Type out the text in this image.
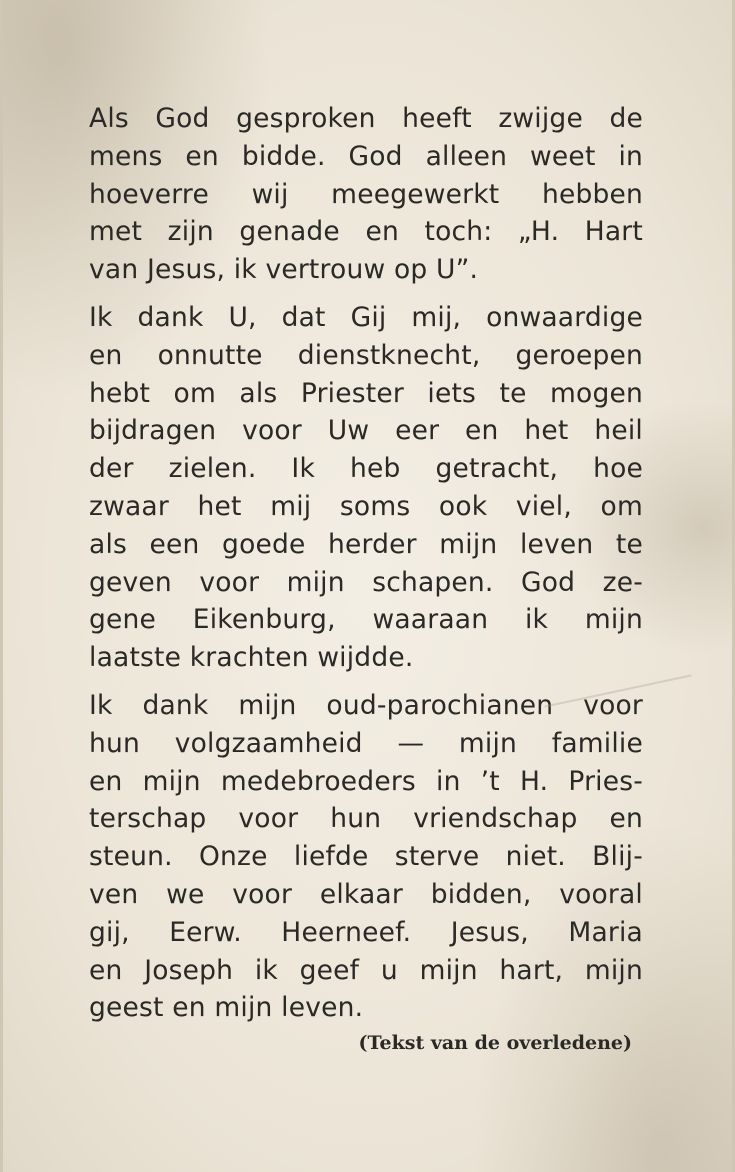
Als God gesproken heeft zwijge de
mens en bidde. God alleen weet in
hoeverre wij meegewerkt hebben
met zijn genade en toch: „H. Hart
van Jesus, ik vertrouw op U”.
Ik dank U, dat Gij mij, onwaardige
en onnutte dienstknecht, geroepen
hebt om als Priester iets te mogen
bijdragen voor Uw eer en het heil
der zielen. Ik heb getracht, hoe
zwaar het mij soms ook viel, om
als een goede herder mijn leven te
geven voor mijn schapen. God ze-
gene Eikenburg, waaraan ik mijn
laatste krachten wijdde.
Ik dank mijn oud-parochianen voor
hun volgzaamheid — mijn familie
en mijn medebroeders in ’t H. Pries-
terschap voor hun vriendschap en
steun. Onze liefde sterve niet. Blij-
ven we voor elkaar bidden, vooral
gij, Eerw. Heerneef. Jesus, Maria
en Joseph ik geef u mijn hart, mijn
geest en mijn leven.
(Tekst van de overledene)
